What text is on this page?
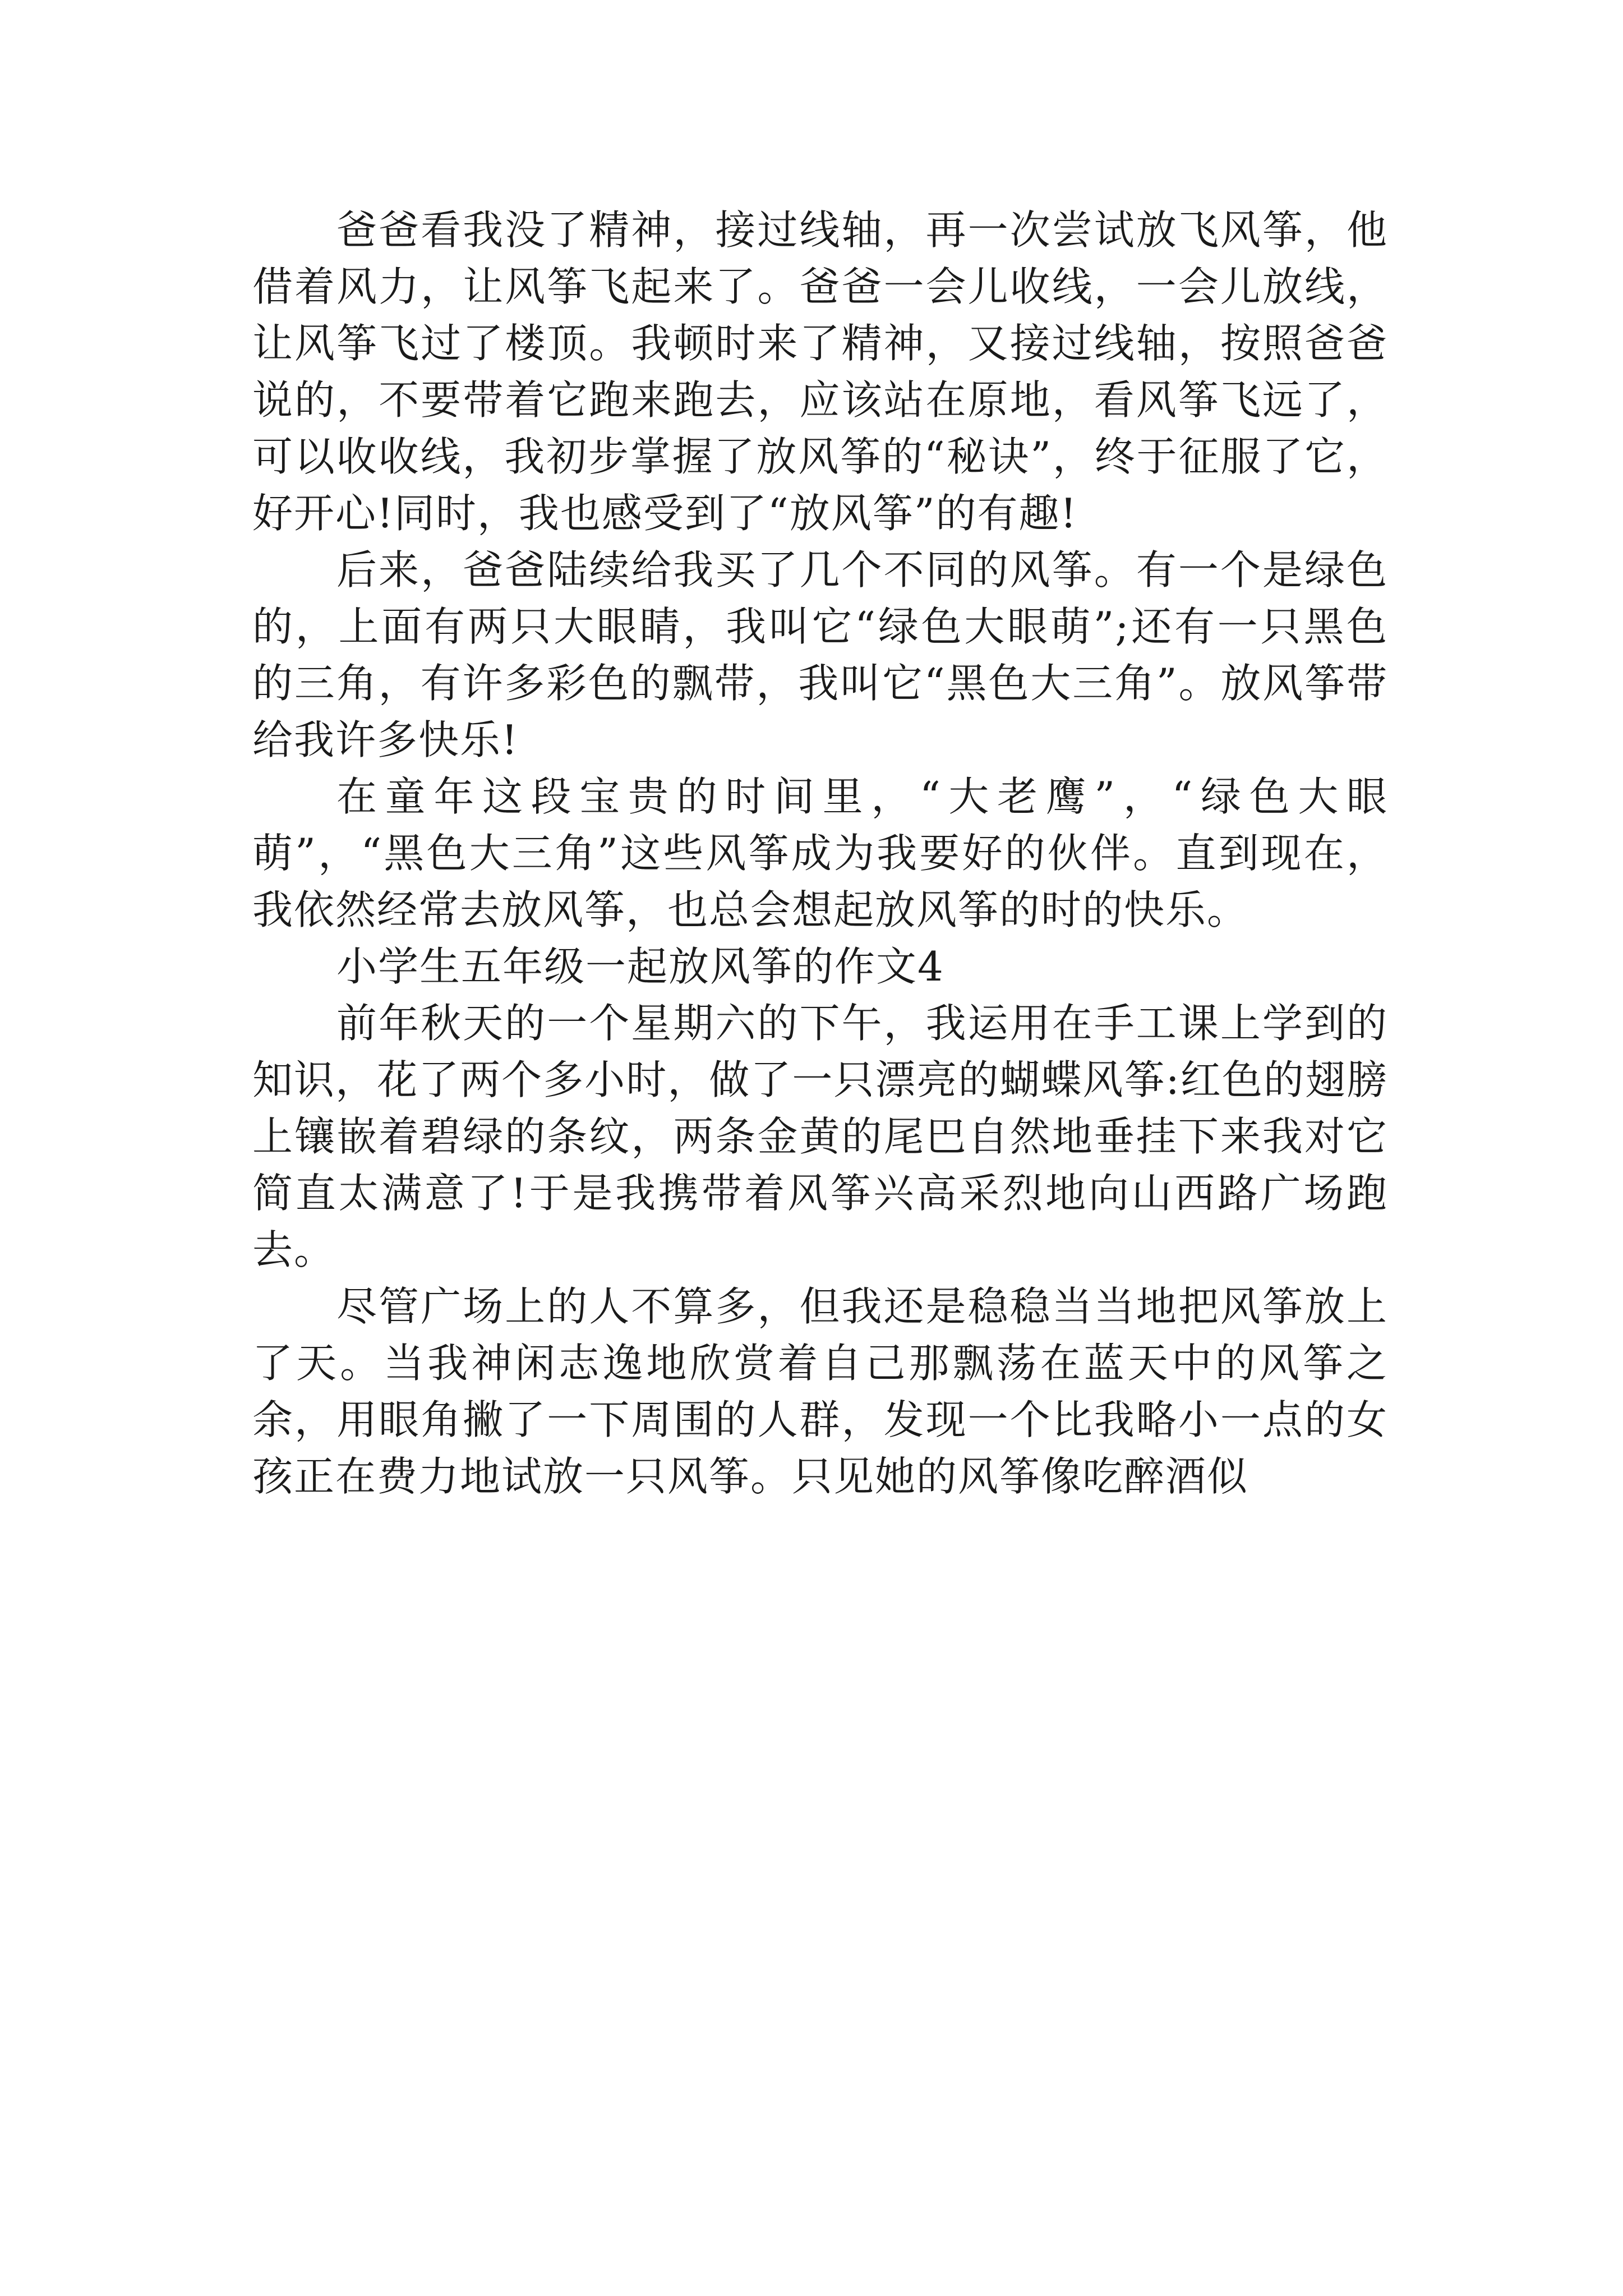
爸爸看我没了精神，接过线轴，再一次尝试放飞风筝，他借着风力，让风筝飞起来了。爸爸一会儿收线，一会儿放线，让风筝飞过了楼顶。我顿时来了精神，又接过线轴，按照爸爸说的，不要带着它跑来跑去，应该站在原地，看风筝飞远了，可以收收线，我初步掌握了放风筝的“秘诀”，终于征服了它，好开心!同时，我也感受到了“放风筝”的有趣!

后来，爸爸陆续给我买了几个不同的风筝。有一个是绿色的，上面有两只大眼睛，我叫它“绿色大眼萌”;还有一只黑色的三角，有许多彩色的飘带，我叫它“黑色大三角”。放风筝带给我许多快乐!

在童年这段宝贵的时间里，“大老鹰”，“绿色大眼萌”，“黑色大三角”这些风筝成为我要好的伙伴。直到现在，我依然经常去放风筝，也总会想起放风筝的时的快乐。

小学生五年级一起放风筝的作文4

前年秋天的一个星期六的下午，我运用在手工课上学到的知识，花了两个多小时，做了一只漂亮的蝴蝶风筝:红色的翅膀上镶嵌着碧绿的条纹，两条金黄的尾巴自然地垂挂下来我对它简直太满意了!于是我携带着风筝兴高采烈地向山西路广场跑去。

尽管广场上的人不算多，但我还是稳稳当当地把风筝放上了天。当我神闲志逸地欣赏着自己那飘荡在蓝天中的风筝之余，用眼角撇了一下周围的人群，发现一个比我略小一点的女孩正在费力地试放一只风筝。只见她的风筝像吃醉酒似
